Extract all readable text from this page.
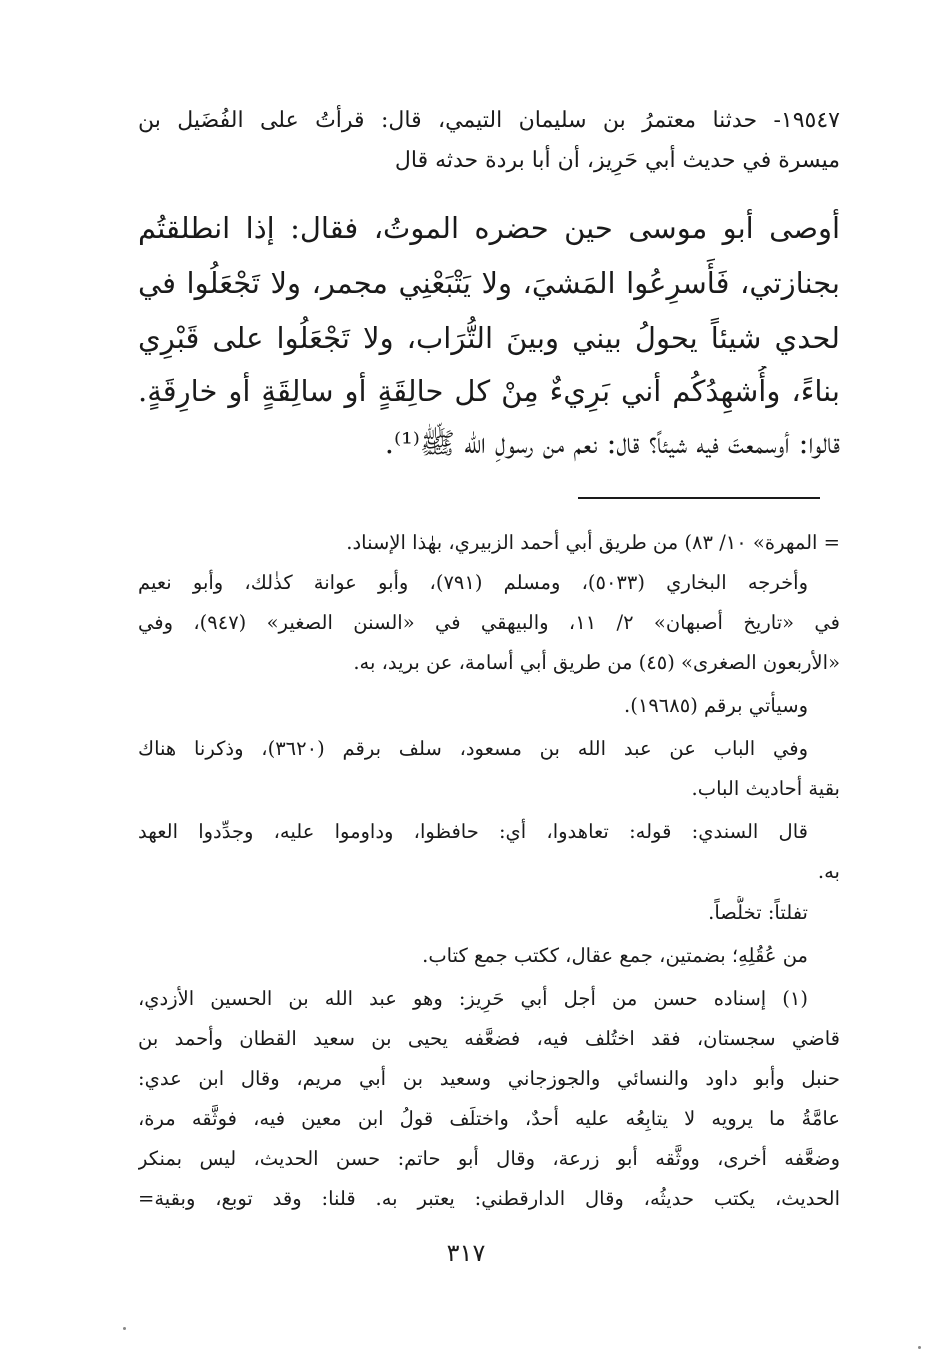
١٩٥٤٧- حدثنا معتمرُ بن سليمان التيمي، قال: قرأتُ على الفُضَيل بن
ميسرة في حديث أبي حَرِيز، أن أبا بردة حدثه قال
أوصى أبو موسى حين حضره الموتُ، فقال: إذا انطلقتُم
بجنازتي، فَأَسرِعُوا المَشيَ، ولا يَتْبَعْنِي مجمر، ولا تَجْعَلُوا في
لحدي شيئاً يحولُ بيني وبينَ التُّرَاب، ولا تَجْعَلُوا على قَبْرِي
بناءً، وأُشهِدُكُم أني بَرِيءٌ مِنْ كل حالِقَةٍ أو سالِقَةٍ أو خارِقَةٍ.
قالوا: أوسمعتَ فيه شيئاً؟ قال: نعم من رسولِ الله ﷺ⁽¹⁾.
= المهرة» ١٠/ ٨٣) من طريق أبي أحمد الزبيري، بهٰذا الإسناد.
وأخرجه البخاري (٥٠٣٣)، ومسلم (٧٩١)، وأبو عوانة كذٰلك، وأبو نعيم
في «تاريخ أصبهان» ٢/ ١١، والبيهقي في «السنن الصغير» (٩٤٧)، وفي
«الأربعون الصغرى» (٤٥) من طريق أبي أسامة، عن بريد، به.
وسيأتي برقم (١٩٦٨٥).
وفي الباب عن عبد الله بن مسعود، سلف برقم (٣٦٢٠)، وذكرنا هناك
بقية أحاديث الباب.
قال السندي: قوله: تعاهدوا، أي: حافظوا، وداوموا عليه، وجدِّدوا العهد
به.
تفلتاً: تخلُّصاً.
من عُقُلِهِ؛ بضمتين، جمع عقال، ككتب جمع كتاب.
(١) إسناده حسن من أجل أبي حَرِيز: وهو عبد الله بن الحسين الأزدي،
قاضي سجستان، فقد اختُلف فيه، فضعَّفه يحيى بن سعيد القطان وأحمد بن
حنبل وأبو داود والنسائي والجوزجاني وسعيد بن أبي مريم، وقال ابن عدي:
عامَّةُ ما يرويه لا يتابِعُه عليه أحدٌ، واختلَف قولُ ابن معين فيه، فوثَّقه مرة،
وضعَّفه أخرى، ووثَّقه أبو زرعة، وقال أبو حاتم: حسن الحديث، ليس بمنكر
الحديث، يكتب حديثُه، وقال الدارقطني: يعتبر به. قلنا: وقد توبع، وبقية=
٣١٧
